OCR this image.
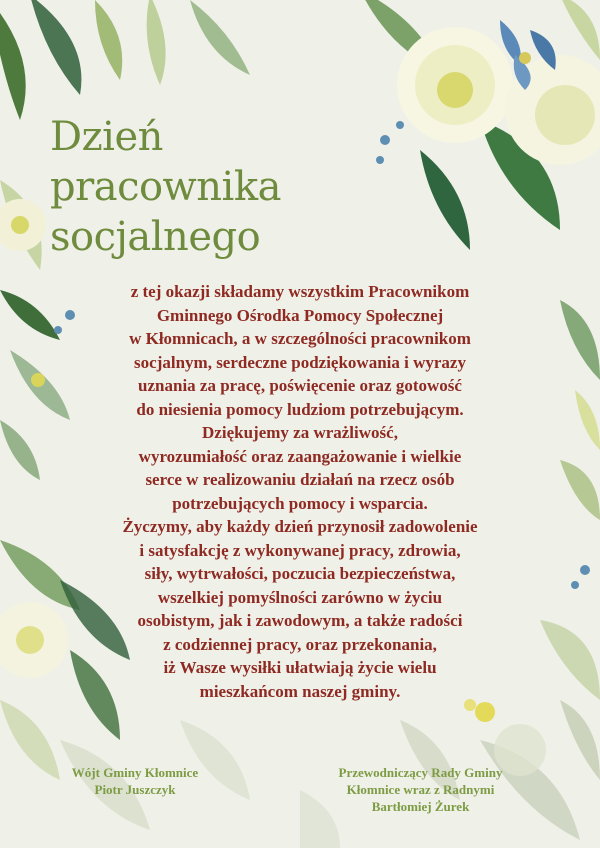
Dzień
pracownika
socjalnego
z tej okazji składamy wszystkim Pracownikom
Gminnego Ośrodka Pomocy Społecznej
w Kłomnicach, a w szczególności pracownikom
socjalnym, serdeczne podziękowania i wyrazy
uznania za pracę, poświęcenie oraz gotowość
do niesienia pomocy ludziom potrzebującym.
Dziękujemy za wrażliwość,
wyrozumiałość oraz zaangażowanie i wielkie
serce w realizowaniu działań na rzecz osób
potrzebujących pomocy i wsparcia.
Życzymy, aby każdy dzień przynosił zadowolenie
i satysfakcję z wykonywanej pracy, zdrowia,
siły, wytrwałości, poczucia bezpieczeństwa,
wszelkiej pomyślności zarówno w życiu
osobistym, jak i zawodowym, a także radości
z codziennej pracy, oraz przekonania,
iż Wasze wysiłki ułatwiają życie wielu
mieszkańcom naszej gminy.
Wójt Gminy Kłomnice
Piotr Juszczyk
Przewodniczący Rady Gminy
Kłomnice wraz z Radnymi
Bartłomiej Żurek
